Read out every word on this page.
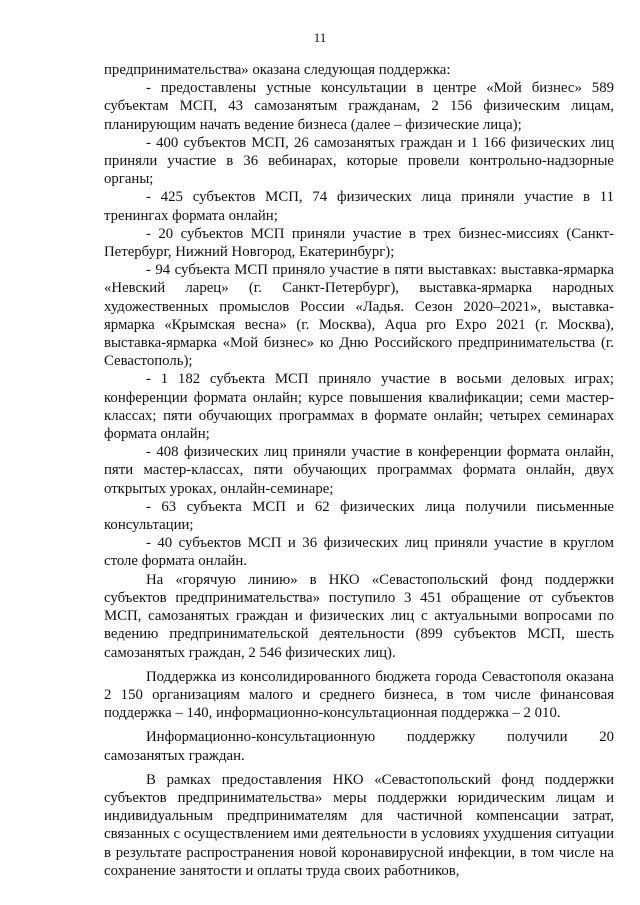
11

предпринимательства» оказана следующая поддержка:

- предоставлены устные консультации в центре «Мой бизнес» 589 субъектам МСП, 43 самозанятым гражданам, 2 156 физическим лицам, планирующим начать ведение бизнеса (далее – физические лица);

- 400 субъектов МСП, 26 самозанятых граждан и 1 166 физических лиц приняли участие в 36 вебинарах, которые провели контрольно-надзорные органы;

- 425 субъектов МСП, 74 физических лица приняли участие в 11 тренингах формата онлайн;

- 20 субъектов МСП приняли участие в трех бизнес-миссиях (Санкт-Петербург, Нижний Новгород, Екатеринбург);

- 94 субъекта МСП приняло участие в пяти выставках: выставка-ярмарка «Невский ларец» (г. Санкт-Петербург), выставка-ярмарка народных художественных промыслов России «Ладья. Сезон 2020–2021», выставка-ярмарка «Крымская весна» (г. Москва), Aqua pro Expo 2021 (г. Москва), выставка-ярмарка «Мой бизнес» ко Дню Российского предпринимательства (г. Севастополь);

- 1 182 субъекта МСП приняло участие в восьми деловых играх; конференции формата онлайн; курсе повышения квалификации; семи мастер-классах; пяти обучающих программах в формате онлайн; четырех семинарах формата онлайн;

- 408 физических лиц приняли участие в конференции формата онлайн, пяти мастер-классах, пяти обучающих программах формата онлайн, двух открытых уроках, онлайн-семинаре;

- 63 субъекта МСП и 62 физических лица получили письменные консультации;

- 40 субъектов МСП и 36 физических лиц приняли участие в круглом столе формата онлайн.

На «горячую линию» в НКО «Севастопольский фонд поддержки субъектов предпринимательства» поступило 3 451 обращение от субъектов МСП, самозанятых граждан и физических лиц с актуальными вопросами по ведению предпринимательской деятельности (899 субъектов МСП, шесть самозанятых граждан, 2 546 физических лиц).

Поддержка из консолидированного бюджета города Севастополя оказана 2 150 организациям малого и среднего бизнеса, в том числе финансовая поддержка – 140, информационно-консультационная поддержка – 2 010.

Информационно-консультационную поддержку получили 20 самозанятых граждан.

В рамках предоставления НКО «Севастопольский фонд поддержки субъектов предпринимательства» меры поддержки юридическим лицам и индивидуальным предпринимателям для частичной компенсации затрат, связанных с осуществлением ими деятельности в условиях ухудшения ситуации в результате распространения новой коронавирусной инфекции, в том числе на сохранение занятости и оплаты труда своих работников,
